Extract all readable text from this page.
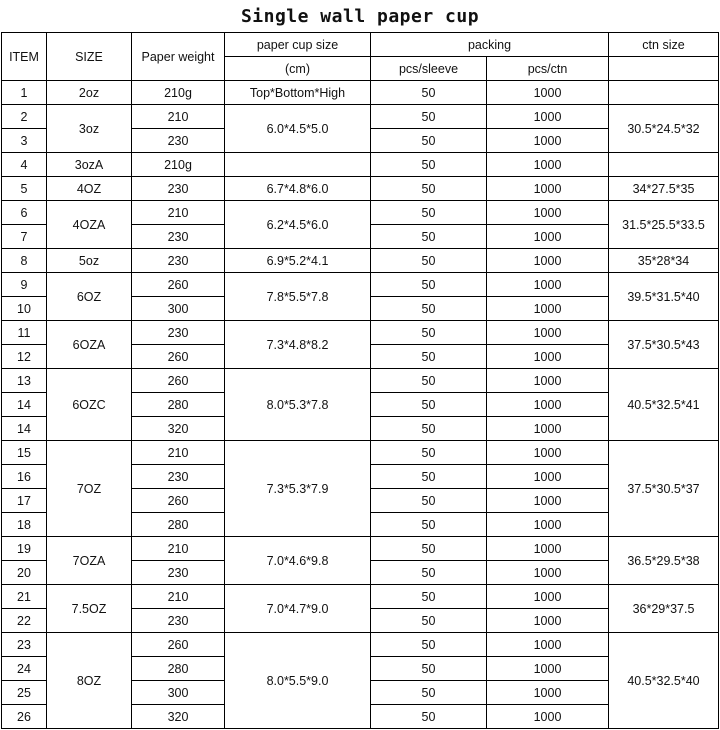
Single wall paper cup
ITEM	SIZE	Paper weight	paper cup size	packing		ctn size
			(cm)	pcs/sleeve	pcs/ctn	
1	2oz	210g	Top*Bottom*High	50	1000	
2	3oz	210	6.0*4.5*5.0	50	1000	30.5*24.5*32
3		230		50	1000	
4	3ozA	210g		50	1000	
5	4OZ	230	6.7*4.8*6.0	50	1000	34*27.5*35
6	4OZA	210	6.2*4.5*6.0	50	1000	31.5*25.5*33.5
7		230		50	1000	
8	5oz	230	6.9*5.2*4.1	50	1000	35*28*34
9	6OZ	260	7.8*5.5*7.8	50	1000	39.5*31.5*40
10		300		50	1000	
11	6OZA	230	7.3*4.8*8.2	50	1000	37.5*30.5*43
12		260		50	1000	
13	6OZC	260	8.0*5.3*7.8	50	1000	40.5*32.5*41
14		280		50	1000	
14		320		50	1000	
15	7OZ	210	7.3*5.3*7.9	50	1000	37.5*30.5*37
16		230		50	1000	
17		260		50	1000	
18		280		50	1000	
19	7OZA	210	7.0*4.6*9.8	50	1000	36.5*29.5*38
20		230		50	1000	
21	7.5OZ	210	7.0*4.7*9.0	50	1000	36*29*37.5
22		230		50	1000	
23	8OZ	260	8.0*5.5*9.0	50	1000	40.5*32.5*40
24		280		50	1000	
25		300		50	1000	
26		320		50	1000	
